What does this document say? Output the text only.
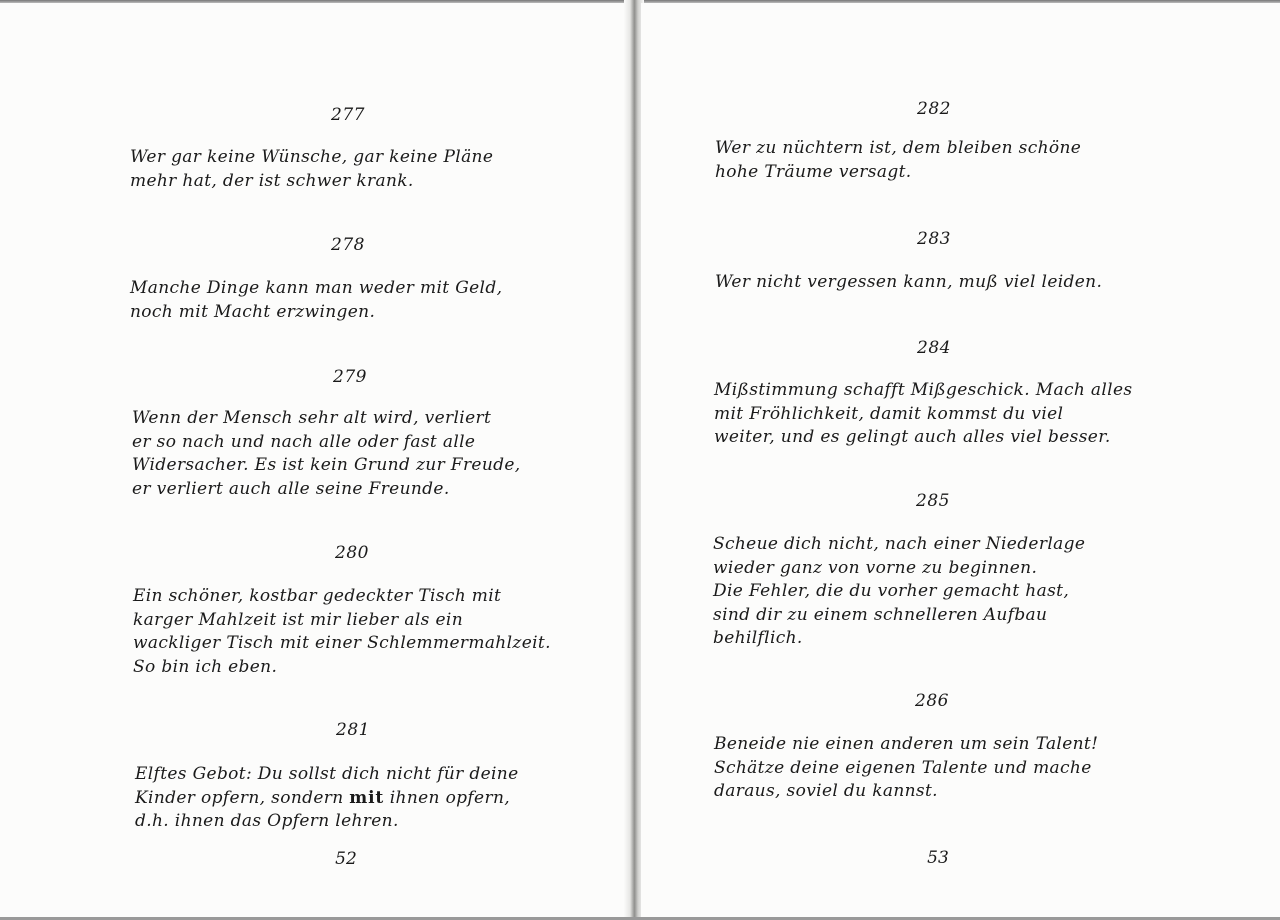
277
Wer gar keine Wünsche, gar keine Pläne
mehr hat, der ist schwer krank.
278
Manche Dinge kann man weder mit Geld,
noch mit Macht erzwingen.
279
Wenn der Mensch sehr alt wird, verliert
er so nach und nach alle oder fast alle
Widersacher. Es ist kein Grund zur Freude,
er verliert auch alle seine Freunde.
280
Ein schöner, kostbar gedeckter Tisch mit
karger Mahlzeit ist mir lieber als ein
wackliger Tisch mit einer Schlemmermahlzeit.
So bin ich eben.
281
Elftes Gebot: Du sollst dich nicht für deine
Kinder opfern, sondern mit ihnen opfern,
d.h. ihnen das Opfern lehren.
52
282
Wer zu nüchtern ist, dem bleiben schöne
hohe Träume versagt.
283
Wer nicht vergessen kann, muß viel leiden.
284
Mißstimmung schafft Mißgeschick. Mach alles
mit Fröhlichkeit, damit kommst du viel
weiter, und es gelingt auch alles viel besser.
285
Scheue dich nicht, nach einer Niederlage
wieder ganz von vorne zu beginnen.
Die Fehler, die du vorher gemacht hast,
sind dir zu einem schnelleren Aufbau
behilflich.
286
Beneide nie einen anderen um sein Talent!
Schätze deine eigenen Talente und mache
daraus, soviel du kannst.
53
